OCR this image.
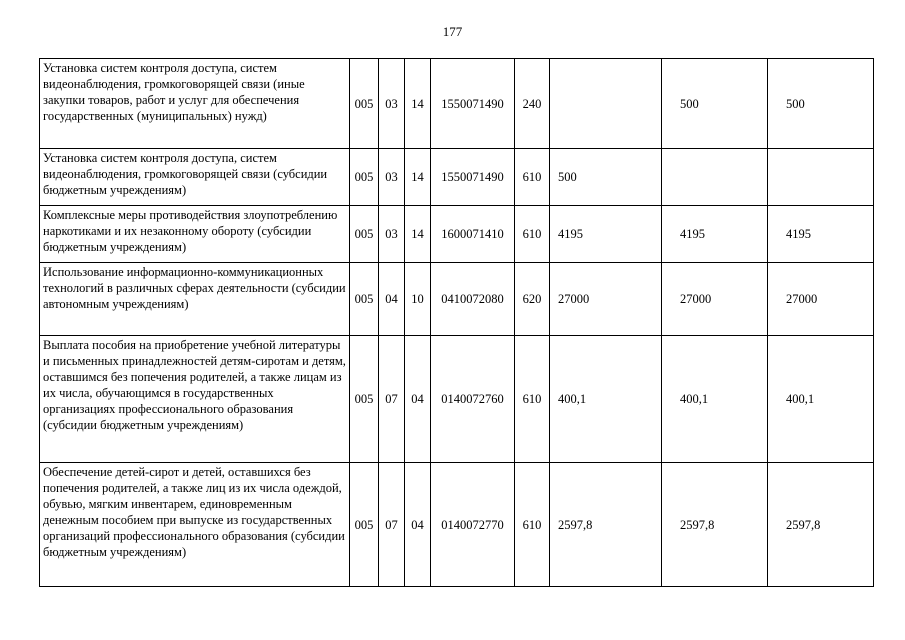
177
Установка систем контроля доступа, систем видеонаблюдения, громкоговорящей связи (иные закупки товаров, работ и услуг для обеспечения государственных (муниципальных) нужд)	005	03	14	1550071490	240		500	500
Установка систем контроля доступа, систем видеонаблюдения, громкоговорящей связи (субсидии бюджетным учреждениям)	005	03	14	1550071490	610	500		
Комплексные меры противодействия злоупотреблению наркотиками и их незаконному обороту (субсидии бюджетным учреждениям)	005	03	14	1600071410	610	4195	4195	4195
Использование информационно-коммуникационных технологий в различных сферах деятельности (субсидии автономным учреждениям)	005	04	10	0410072080	620	27000	27000	27000
Выплата пособия на приобретение учебной литературы и письменных принадлежностей детям-сиротам и детям, оставшимся без попечения родителей, а также лицам из их числа, обучающимся в государственных организациях профессионального образования (субсидии бюджетным учреждениям)	005	07	04	0140072760	610	400,1	400,1	400,1
Обеспечение детей-сирот и детей, оставшихся без попечения родителей, а также лиц из их числа одеждой, обувью, мягким инвентарем, единовременным денежным пособием при выпуске из государственных организаций профессионального образования (субсидии бюджетным учреждениям)	005	07	04	0140072770	610	2597,8	2597,8	2597,8
